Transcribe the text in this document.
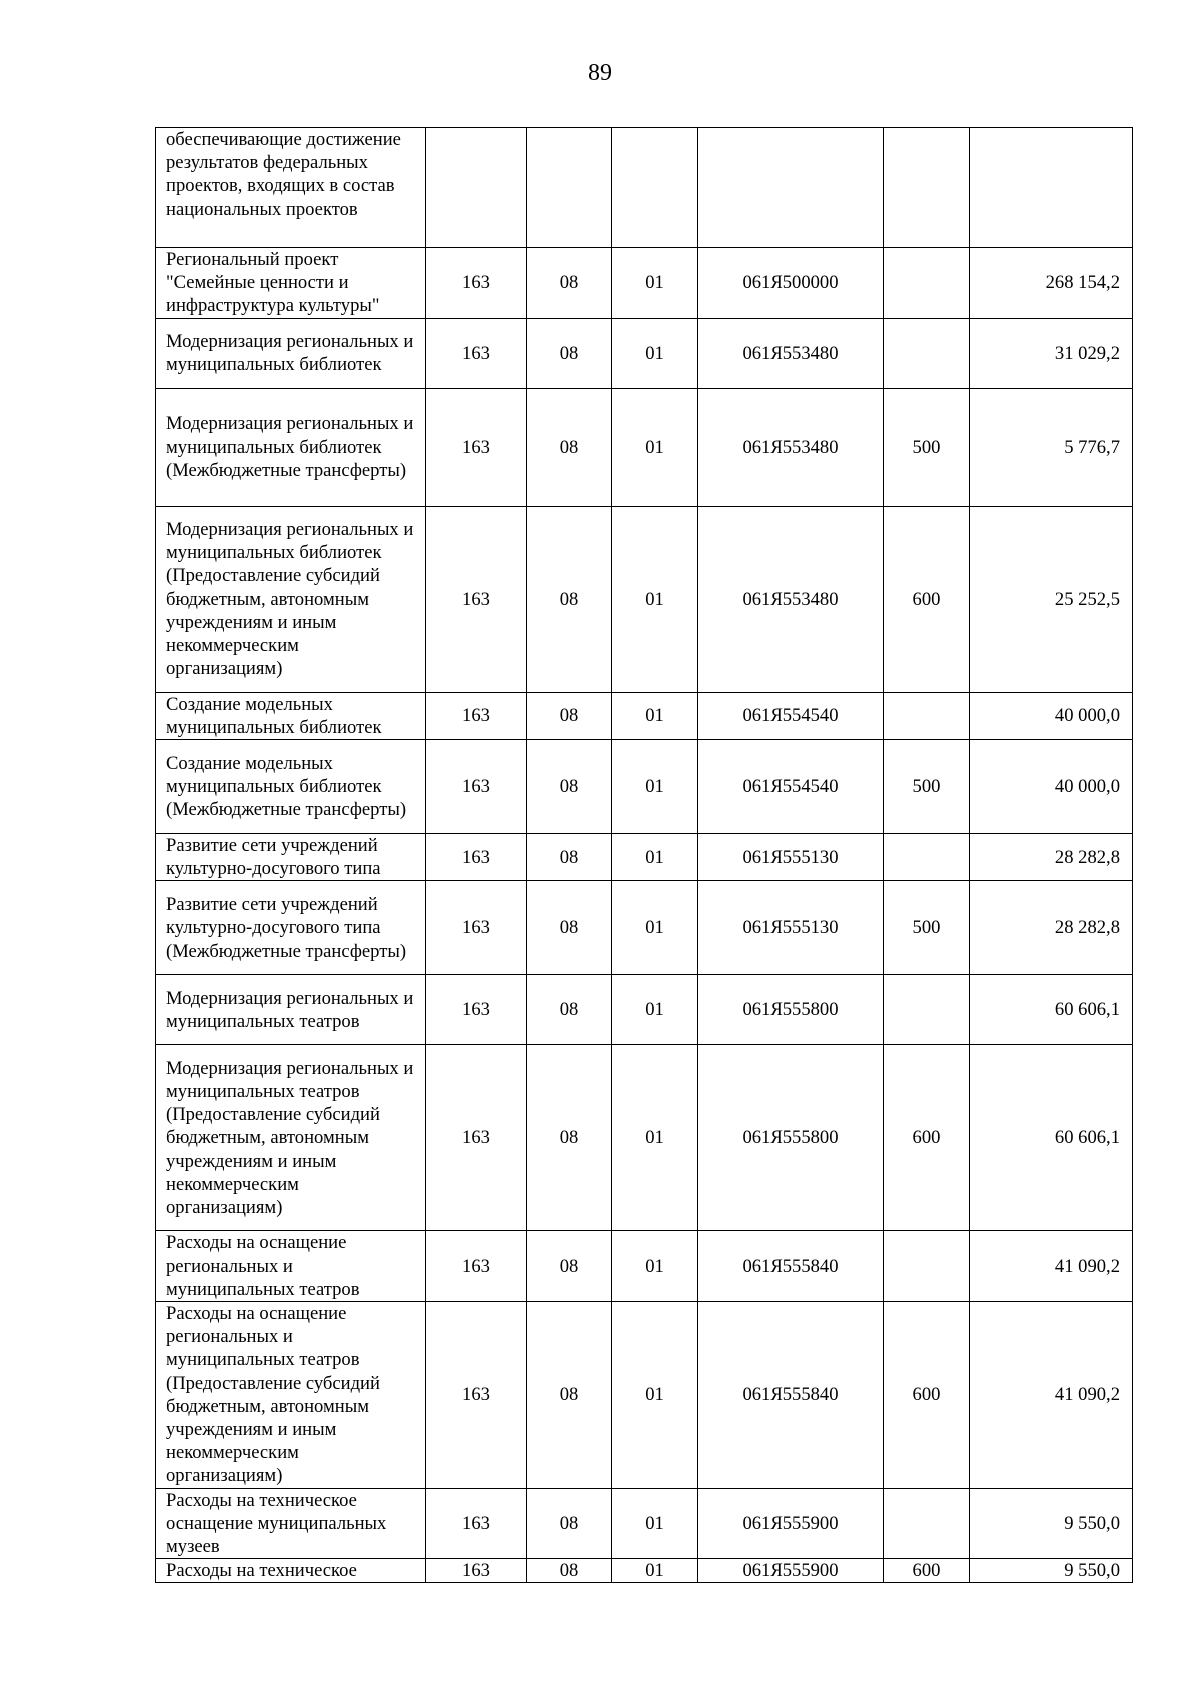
89
обеспечивающие достижение результатов федеральных проектов, входящих в состав национальных проектов						
Региональный проект "Семейные ценности и инфраструктура культуры"	163	08	01	061Я500000		268 154,2
Модернизация региональных и муниципальных библиотек	163	08	01	061Я553480		31 029,2
Модернизация региональных и муниципальных библиотек (Межбюджетные трансферты)	163	08	01	061Я553480	500	5 776,7
Модернизация региональных и муниципальных библиотек (Предоставление субсидий бюджетным, автономным учреждениям и иным некоммерческим организациям)	163	08	01	061Я553480	600	25 252,5
Создание модельных муниципальных библиотек	163	08	01	061Я554540		40 000,0
Создание модельных муниципальных библиотек (Межбюджетные трансферты)	163	08	01	061Я554540	500	40 000,0
Развитие сети учреждений культурно-досугового типа	163	08	01	061Я555130		28 282,8
Развитие сети учреждений культурно-досугового типа (Межбюджетные трансферты)	163	08	01	061Я555130	500	28 282,8
Модернизация региональных и муниципальных театров	163	08	01	061Я555800		60 606,1
Модернизация региональных и муниципальных театров (Предоставление субсидий бюджетным, автономным учреждениям и иным некоммерческим организациям)	163	08	01	061Я555800	600	60 606,1
Расходы на оснащение региональных и муниципальных театров	163	08	01	061Я555840		41 090,2
Расходы на оснащение региональных и муниципальных театров (Предоставление субсидий бюджетным, автономным учреждениям и иным некоммерческим организациям)	163	08	01	061Я555840	600	41 090,2
Расходы на техническое оснащение муниципальных музеев	163	08	01	061Я555900		9 550,0
Расходы на техническое	163	08	01	061Я555900	600	9 550,0
